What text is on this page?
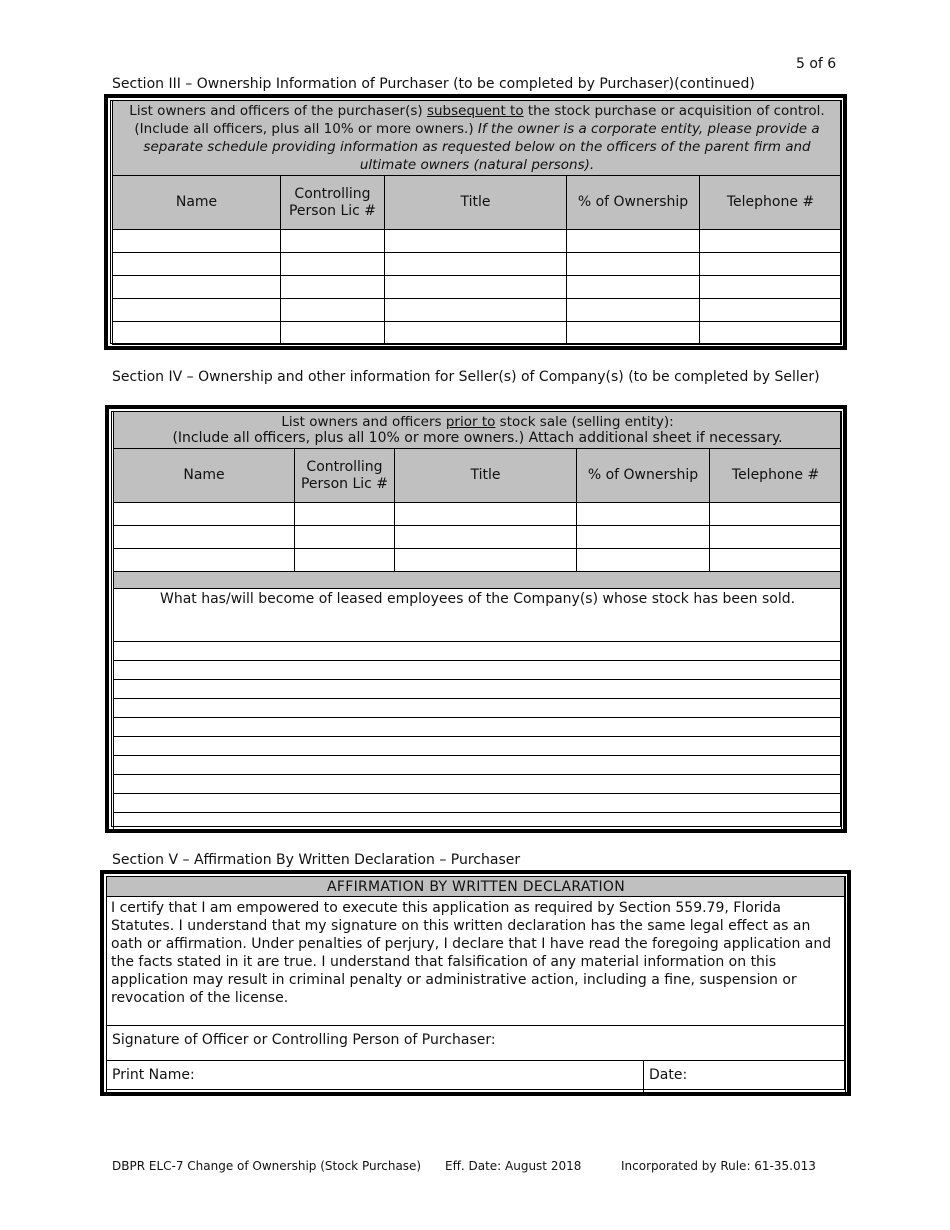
5 of 6
Section III – Ownership Information of Purchaser (to be completed by Purchaser)(continued)
List owners and officers of the purchaser(s) subsequent to the stock purchase or acquisition of control.
(Include all officers, plus all 10% or more owners.) If the owner is a corporate entity, please provide a separate schedule providing information as requested below on the officers of the parent firm and ultimate owners (natural persons).				
Name	Controlling Person Lic #	Title	% of Ownership	Telephone #

Section IV – Ownership and other information for Seller(s) of Company(s) (to be completed by Seller)
List owners and officers prior to stock sale (selling entity):
(Include all officers, plus all 10% or more owners.) Attach additional sheet if necessary.				
Name	Controlling Person Lic #	Title	% of Ownership	Telephone #

What has/will become of leased employees of the Company(s) whose stock has been sold.				

Section V – Affirmation By Written Declaration – Purchaser
AFFIRMATION BY WRITTEN DECLARATION
I certify that I am empowered to execute this application as required by Section 559.79, Florida Statutes. I understand that my signature on this written declaration has the same legal effect as an oath or affirmation. Under penalties of perjury, I declare that I have read the foregoing application and the facts stated in it are true. I understand that falsification of any material information on this application may result in criminal penalty or administrative action, including a fine, suspension or revocation of the license.
Signature of Officer or Controlling Person of Purchaser:
Print Name:	Date:
DBPR ELC-7 Change of Ownership (Stock Purchase) Eff. Date: August 2018	Incorporated by Rule: 61-35.013
